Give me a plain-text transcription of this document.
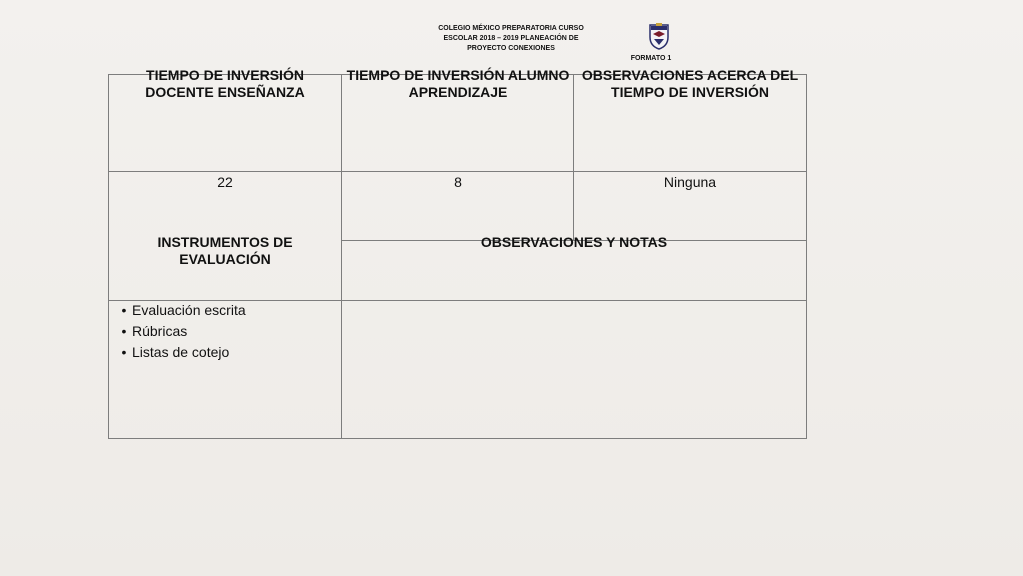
COLEGIO MÉXICO PREPARATORIA CURSO
ESCOLAR 2018 – 2019 PLANEACIÓN DE
PROYECTO CONEXIONES
FORMATO 1
TIEMPO DE INVERSIÓN DOCENTE ENSEÑANZA
TIEMPO DE INVERSIÓN ALUMNO APRENDIZAJE
OBSERVACIONES ACERCA DEL TIEMPO DE INVERSIÓN
22	8	Ninguna
INSTRUMENTOS DE EVALUACIÓN
OBSERVACIONES Y NOTAS
• Evaluación escrita
• Rúbricas
• Listas de cotejo
